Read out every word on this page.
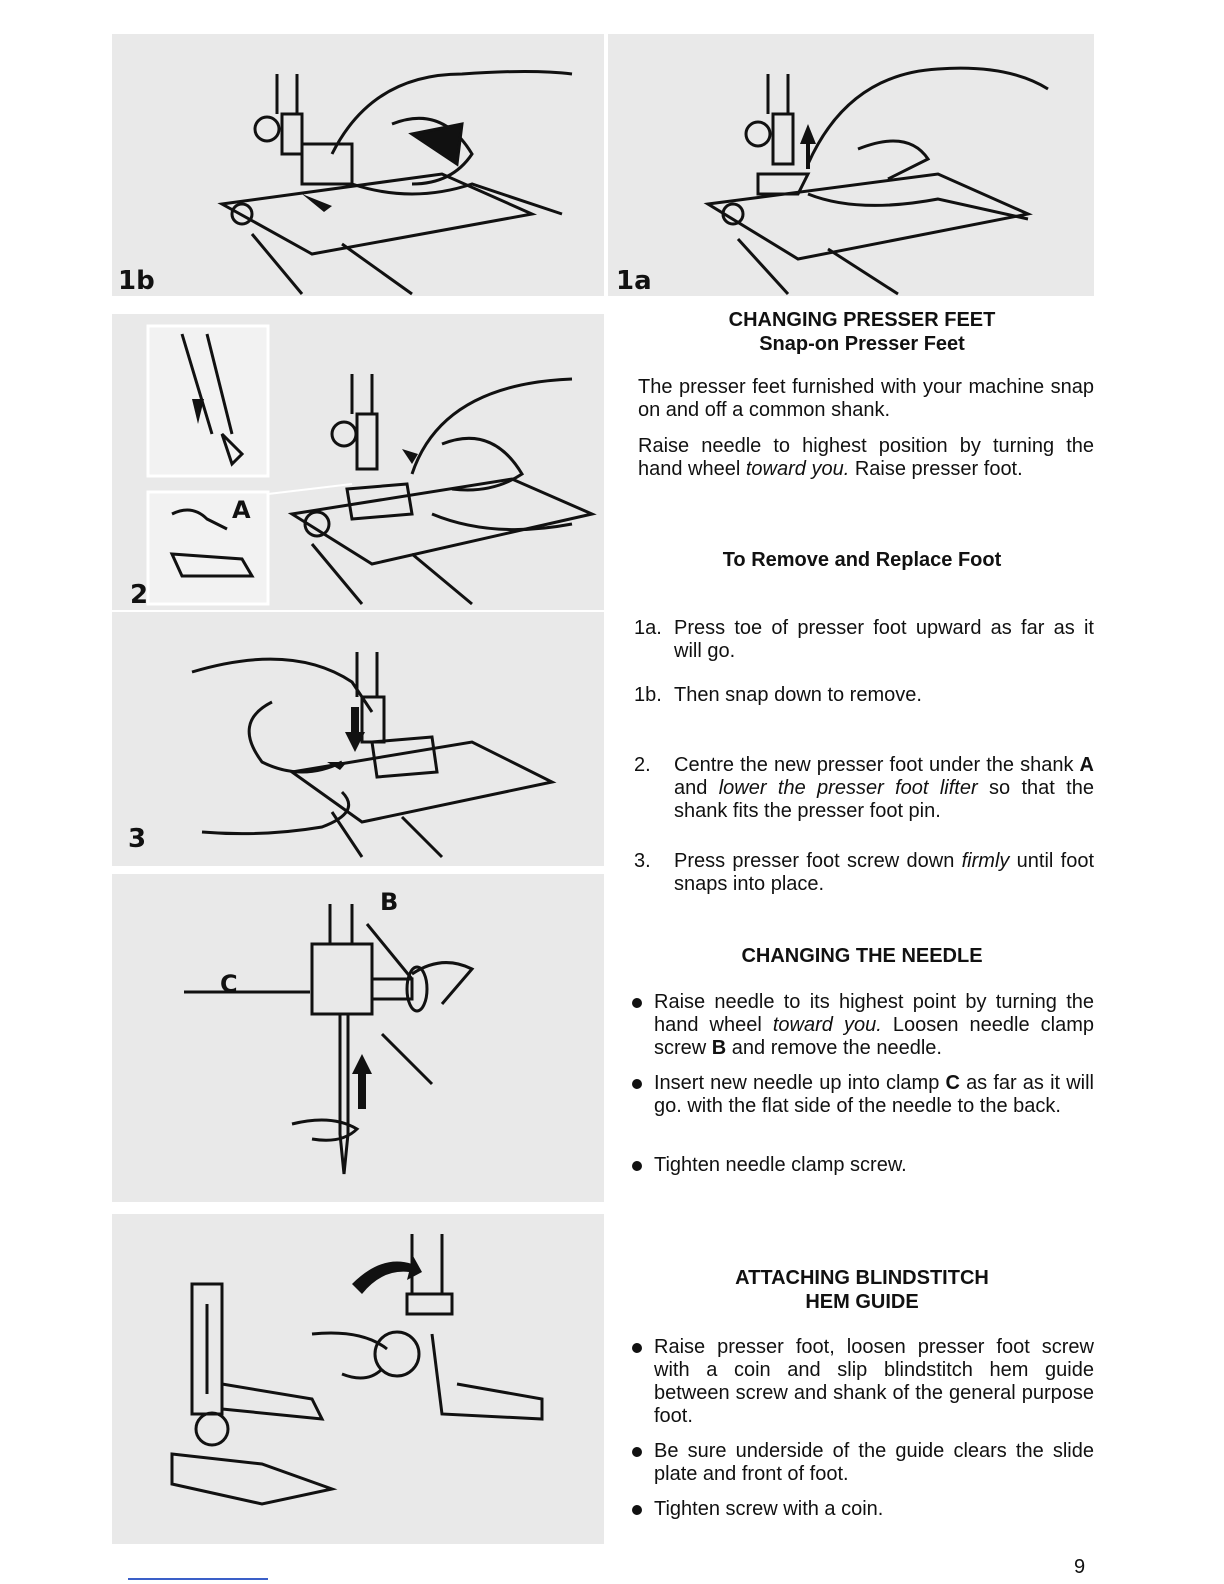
1b	1a
A
2
3
B
C
CHANGING PRESSER FEET
Snap-on Presser Feet
The presser feet furnished with your machine snap on and off a common shank.
Raise needle to highest position by turning the hand wheel toward you. Raise presser foot.
To Remove and Replace Foot
1a. Press toe of presser foot upward as far as it will go.
1b. Then snap down to remove.
2. Centre the new presser foot under the shank A and lower the presser foot lifter so that the shank fits the presser foot pin.
3. Press presser foot screw down firmly until foot snaps into place.
CHANGING THE NEEDLE
Raise needle to its highest point by turning the hand wheel toward you. Loosen needle clamp screw B and remove the needle.
Insert new needle up into clamp C as far as it will go. with the flat side of the needle to the back.
Tighten needle clamp screw.
ATTACHING BLINDSTITCH
HEM GUIDE
Raise presser foot, loosen presser foot screw with a coin and slip blindstitch hem guide between screw and shank of the general purpose foot.
Be sure underside of the guide clears the slide plate and front of foot.
Tighten screw with a coin.
9
